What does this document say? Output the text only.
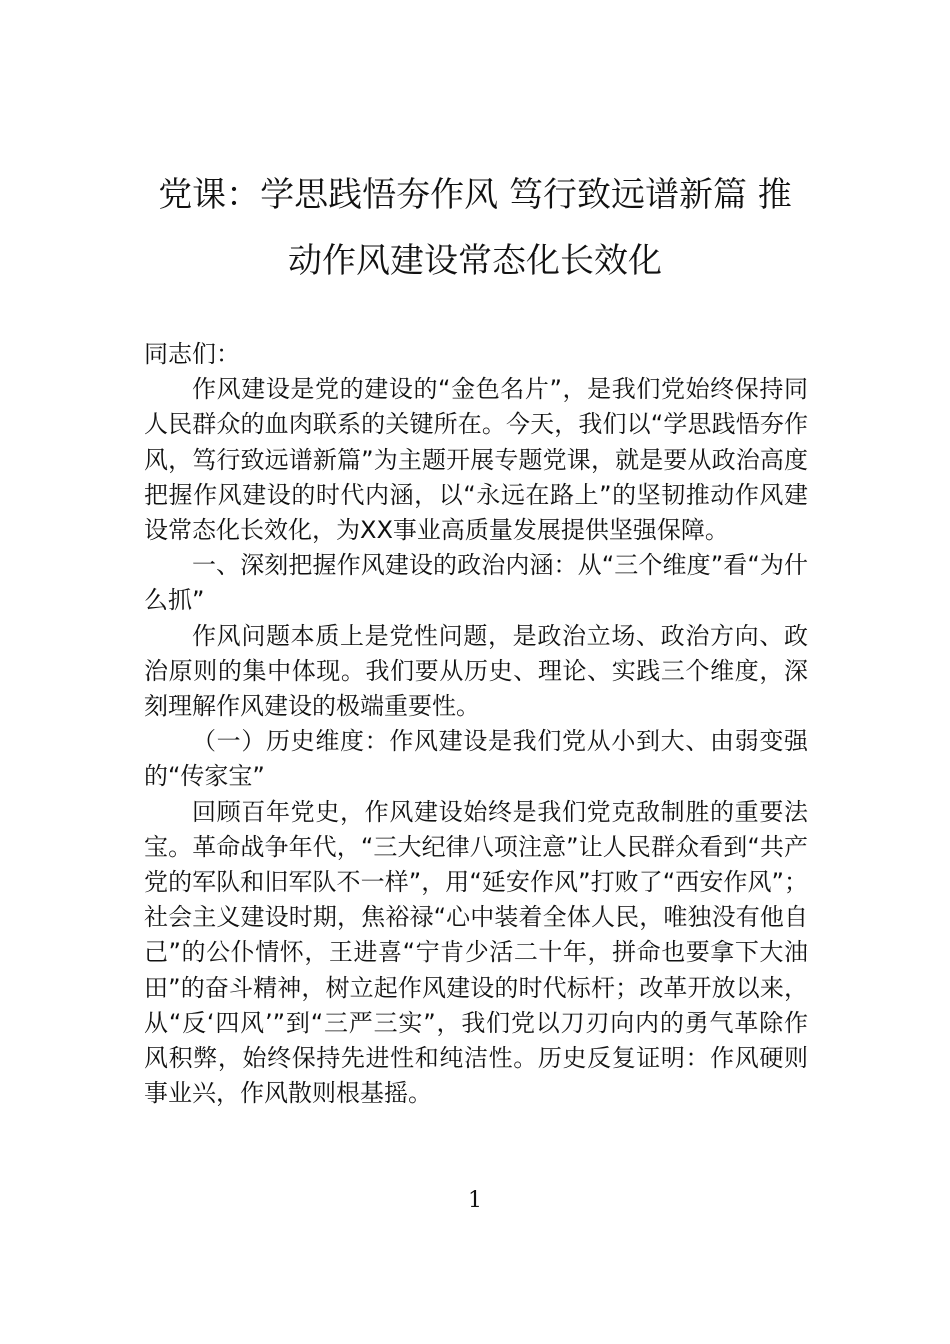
党课：学思践悟夯作风 笃行致远谱新篇 推
动作风建设常态化长效化

同志们：

作风建设是党的建设的“金色名片”，是我们党始终保持同人民群众的血肉联系的关键所在。今天，我们以“学思践悟夯作风，笃行致远谱新篇”为主题开展专题党课，就是要从政治高度把握作风建设的时代内涵，以“永远在路上”的坚韧推动作风建设常态化长效化，为XX事业高质量发展提供坚强保障。

一、深刻把握作风建设的政治内涵：从“三个维度”看“为什么抓”

作风问题本质上是党性问题，是政治立场、政治方向、政治原则的集中体现。我们要从历史、理论、实践三个维度，深刻理解作风建设的极端重要性。

（一）历史维度：作风建设是我们党从小到大、由弱变强的“传家宝”

回顾百年党史，作风建设始终是我们党克敌制胜的重要法宝。革命战争年代，“三大纪律八项注意”让人民群众看到“共产党的军队和旧军队不一样”，用“延安作风”打败了“西安作风”；社会主义建设时期，焦裕禄“心中装着全体人民，唯独没有他自己”的公仆情怀，王进喜“宁肯少活二十年，拼命也要拿下大油田”的奋斗精神，树立起作风建设的时代标杆；改革开放以来，从“反‘四风’”到“三严三实”，我们党以刀刃向内的勇气革除作风积弊，始终保持先进性和纯洁性。历史反复证明：作风硬则事业兴，作风散则根基摇。

1
